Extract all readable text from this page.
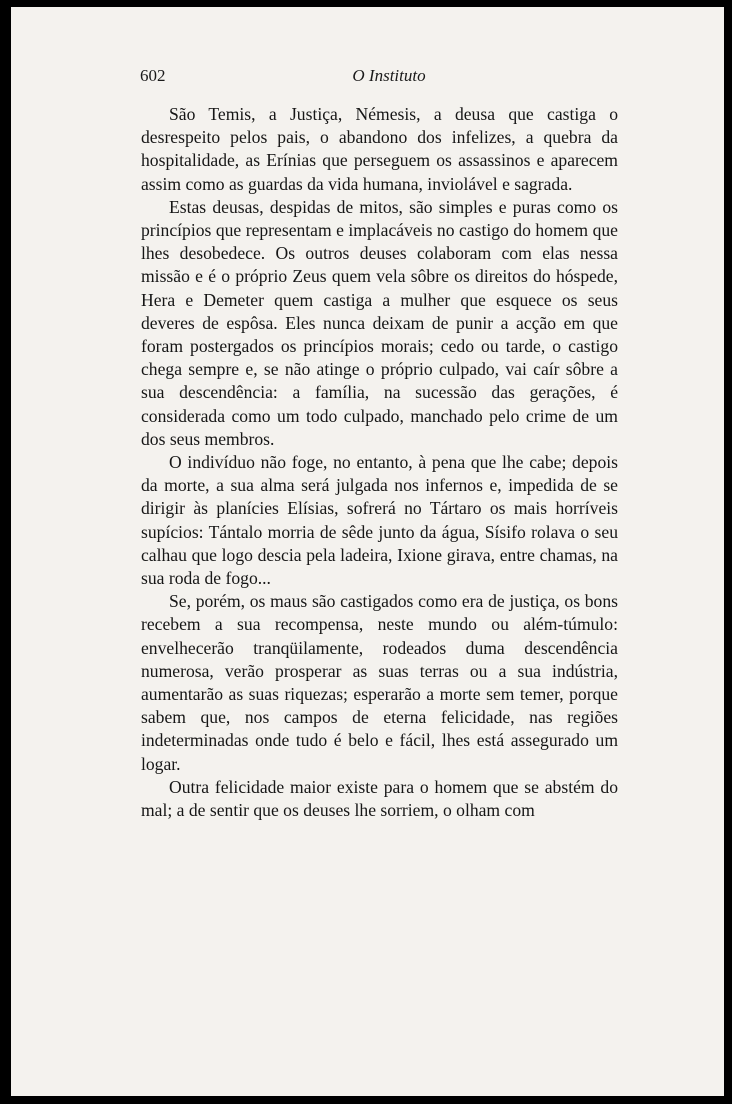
602	O Instituto

São Temis, a Justiça, Némesis, a deusa que castiga o desrespeito pelos pais, o abandono dos infelizes, a quebra da hospitalidade, as Erínias que perseguem os assassinos e aparecem assim como as guardas da vida humana, inviolável e sagrada.

Estas deusas, despidas de mitos, são simples e puras como os princípios que representam e implacáveis no castigo do homem que lhes desobedece. Os outros deuses colaboram com elas nessa missão e é o próprio Zeus quem vela sôbre os direitos do hóspede, Hera e Demeter quem castiga a mulher que esquece os seus deveres de espôsa. Eles nunca deixam de punir a acção em que foram postergados os princípios morais; cedo ou tarde, o castigo chega sempre e, se não atinge o próprio culpado, vai caír sôbre a sua descendência: a família, na sucessão das gerações, é considerada como um todo culpado, manchado pelo crime de um dos seus membros.

O indivíduo não foge, no entanto, à pena que lhe cabe; depois da morte, a sua alma será julgada nos infernos e, impedida de se dirigir às planícies Elísias, sofrerá no Tártaro os mais horríveis supícios: Tántalo morria de sêde junto da água, Sísifo rolava o seu calhau que logo descia pela ladeira, Ixione girava, entre chamas, na sua roda de fogo...

Se, porém, os maus são castigados como era de justiça, os bons recebem a sua recompensa, neste mundo ou além-túmulo: envelhecerão tranqüilamente, rodeados duma descendência numerosa, verão prosperar as suas terras ou a sua indústria, aumentarão as suas riquezas; esperarão a morte sem temer, porque sabem que, nos campos de eterna felicidade, nas regiões indeterminadas onde tudo é belo e fácil, lhes está assegurado um logar.

Outra felicidade maior existe para o homem que se abstém do mal; a de sentir que os deuses lhe sorriem, o olham com
